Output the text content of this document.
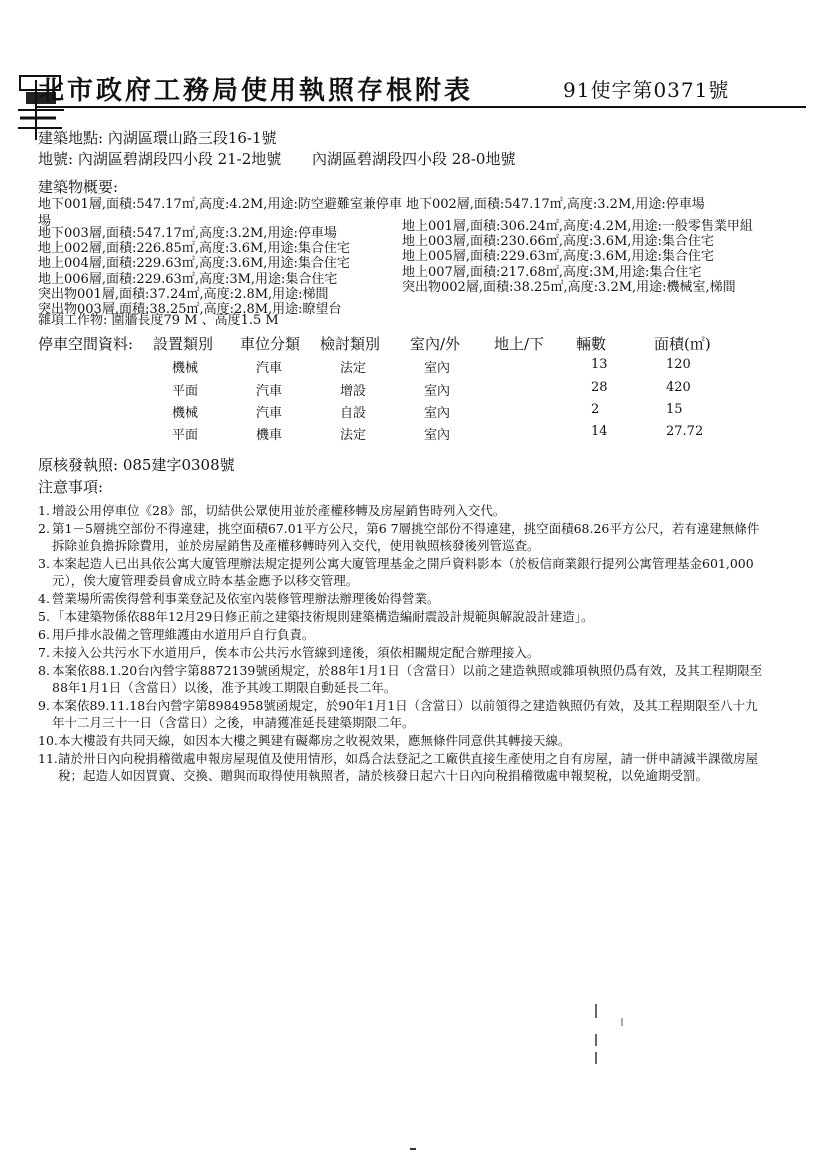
北市政府工務局使用執照存根附表	91使字第0371號
建築地點: 內湖區環山路三段16-1號
地號: 內湖區碧湖段四小段 21-2地號 內湖區碧湖段四小段 28-0地號
建築物概要:
地下001層,面積:547.17㎡,高度:4.2M,用途:防空避難室兼停車 地下002層,面積:547.17㎡,高度:3.2M,用途:停車場
場
地下003層,面積:547.17㎡,高度:3.2M,用途:停車場
地上002層,面積:226.85㎡,高度:3.6M,用途:集合住宅
地上004層,面積:229.63㎡,高度:3.6M,用途:集合住宅
地上006層,面積:229.63㎡,高度:3M,用途:集合住宅
突出物001層,面積:37.24㎡,高度:2.8M,用途:梯間
突出物003層,面積:38.25㎡,高度:2.8M,用途:瞭望台
地上001層,面積:306.24㎡,高度:4.2M,用途:一般零售業甲組
地上003層,面積:230.66㎡,高度:3.6M,用途:集合住宅
地上005層,面積:229.63㎡,高度:3.6M,用途:集合住宅
地上007層,面積:217.68㎡,高度:3M,用途:集合住宅
突出物002層,面積:38.25㎡,高度:3.2M,用途:機械室,梯間
雜項工作物: 圍牆長度79 M 、高度1.5 M
停車空間資料: 設置類別 車位分類 檢討類別 室內/外 地上/下 輛數	面積(㎡)
機械	汽車	法定	室內	13	120
平面	汽車	增設	室內	28	420
機械	汽車	自設	室內	2	15
平面	機車	法定	室內	14	27.72
原核發執照: 085建字0308號
注意事項:
1. 增設公用停車位《28》部，切結供公眾使用並於產權移轉及房屋銷售時列入交代。
2. 第1－5層挑空部份不得違建，挑空面積67.01平方公尺，第6 7層挑空部份不得違建，挑空面積68.26平方公尺，若有違建無條件拆除並負擔拆除費用，並於房屋銷售及產權移轉時列入交代，使用執照核發後列管巡查。
3. 本案起造人已出具依公寓大廈管理辦法規定提列公寓大廈管理基金之開戶資料影本（於板信商業銀行提列公寓管理基金601,000元），俟大廈管理委員會成立時本基金應予以移交管理。
4. 營業場所需俟得營利事業登記及依室內裝修管理辦法辦理後始得營業。
5. 「本建築物係依88年12月29日修正前之建築技術規則建築構造編耐震設計規範與解說設計建造」。
6. 用戶排水設備之管理維護由水道用戶自行負責。
7. 未接入公共污水下水道用戶，俟本市公共污水管線到達後，須依相關規定配合辦理接入。
8. 本案依88.1.20台內營字第8872139號函規定，於88年1月1日（含當日）以前之建造執照或雜項執照仍爲有效，及其工程期限至88年1月1日（含當日）以後，准予其竣工期限自動延長二年。
9. 本案依89.11.18台內營字第8984958號函規定，於90年1月1日（含當日）以前領得之建造執照仍有效，及其工程期限至八十九年十二月三十一日（含當日）之後，申請獲准延長建築期限二年。
10. 本大樓設有共同天線，如因本大樓之興建有礙鄰房之收視效果，應無條件同意供其轉接天線。
11. 請於卅日內向稅捐稽徵處申報房屋現值及使用情形，如爲合法登記之工廠供直接生產使用之自有房屋，請一併申請減半課徵房屋稅；起造人如因買賣、交換、贈與而取得使用執照者，請於核發日起六十日內向稅捐稽徵處申報契稅，以免逾期受罰。
